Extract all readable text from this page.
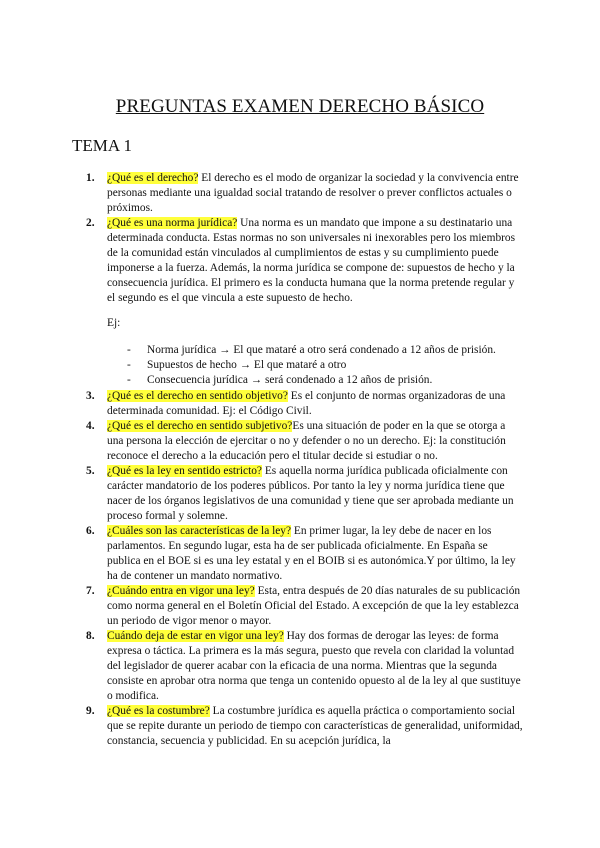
PREGUNTAS EXAMEN DERECHO BÁSICO
TEMA 1
1. ¿Qué es el derecho? El derecho es el modo de organizar la sociedad y la convivencia entre personas mediante una igualdad social tratando de resolver o prever conflictos actuales o próximos.
2. ¿Qué es una norma jurídica? Una norma es un mandato que impone a su destinatario una determinada conducta. Estas normas no son universales ni inexorables pero los miembros de la comunidad están vinculados al cumplimientos de estas y su cumplimiento puede imponerse a la fuerza. Además, la norma jurídica se compone de: supuestos de hecho y la consecuencia jurídica. El primero es la conducta humana que la norma pretende regular y el segundo es el que vincula a este supuesto de hecho.
Ej:
- Norma jurídica → El que mataré a otro será condenado a 12 años de prisión.
- Supuestos de hecho → El que mataré a otro
- Consecuencia jurídica → será condenado a 12 años de prisión.
3. ¿Qué es el derecho en sentido objetivo? Es el conjunto de normas organizadoras de una determinada comunidad. Ej: el Código Civil.
4. ¿Qué es el derecho en sentido subjetivo?Es una situación de poder en la que se otorga a una persona la elección de ejercitar o no y defender o no un derecho. Ej: la constitución reconoce el derecho a la educación pero el titular decide si estudiar o no.
5. ¿Qué es la ley en sentido estricto? Es aquella norma jurídica publicada oficialmente con carácter mandatorio de los poderes públicos. Por tanto la ley y norma jurídica tiene que nacer de los órganos legislativos de una comunidad y tiene que ser aprobada mediante un proceso formal y solemne.
6. ¿Cuáles son las características de la ley? En primer lugar, la ley debe de nacer en los parlamentos. En segundo lugar, esta ha de ser publicada oficialmente. En España se publica en el BOE si es una ley estatal y en el BOIB si es autonómica.Y por último, la ley ha de contener un mandato normativo.
7. ¿Cuándo entra en vigor una ley? Esta, entra después de 20 días naturales de su publicación como norma general en el Boletín Oficial del Estado. A excepción de que la ley establezca un periodo de vigor menor o mayor.
8. Cuándo deja de estar en vigor una ley? Hay dos formas de derogar las leyes: de forma expresa o táctica. La primera es la más segura, puesto que revela con claridad la voluntad del legislador de querer acabar con la eficacia de una norma. Mientras que la segunda consiste en aprobar otra norma que tenga un contenido opuesto al de la ley al que sustituye o modifica.
9. ¿Qué es la costumbre? La costumbre jurídica es aquella práctica o comportamiento social que se repite durante un periodo de tiempo con características de generalidad, uniformidad, constancia, secuencia y publicidad. En su acepción jurídica, la
